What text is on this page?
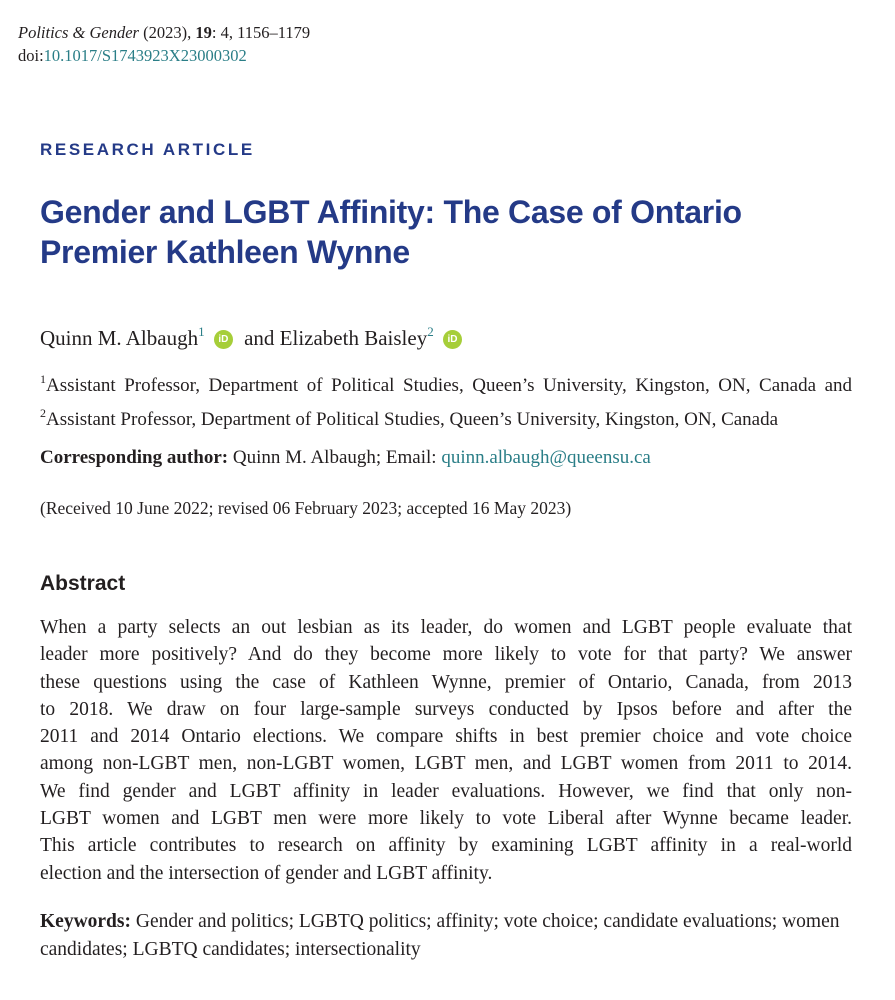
Politics & Gender (2023), 19: 4, 1156–1179
doi:10.1017/S1743923X23000302
RESEARCH ARTICLE
Gender and LGBT Affinity: The Case of Ontario Premier Kathleen Wynne
Quinn M. Albaugh$^1$ iD and Elizabeth Baisley$^2$ iD
$^1$Assistant Professor, Department of Political Studies, Queen’s University, Kingston, ON, Canada and $^2$Assistant Professor, Department of Political Studies, Queen’s University, Kingston, ON, Canada
Corresponding author: Quinn M. Albaugh; Email: quinn.albaugh@queensu.ca
(Received 10 June 2022; revised 06 February 2023; accepted 16 May 2023)
Abstract
When a party selects an out lesbian as its leader, do women and LGBT people evaluate that
leader more positively? And do they become more likely to vote for that party? We answer
these questions using the case of Kathleen Wynne, premier of Ontario, Canada, from 2013
to 2018. We draw on four large-sample surveys conducted by Ipsos before and after the
2011 and 2014 Ontario elections. We compare shifts in best premier choice and vote choice
among non-LGBT men, non-LGBT women, LGBT men, and LGBT women from 2011 to 2014.
We find gender and LGBT affinity in leader evaluations. However, we find that only non-
LGBT women and LGBT men were more likely to vote Liberal after Wynne became leader.
This article contributes to research on affinity by examining LGBT affinity in a real-world
election and the intersection of gender and LGBT affinity.
Keywords: Gender and politics; LGBTQ politics; affinity; vote choice; candidate evaluations; women candidates; LGBTQ candidates; intersectionality
